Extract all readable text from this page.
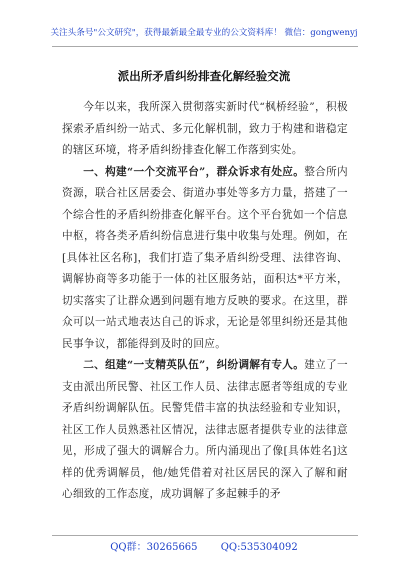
关注头条号"公文研究"，获得最新最全最专业的公文资料库！ 微信：gongwenyj
派出所矛盾纠纷排查化解经验交流

今年以来，我所深入贯彻落实新时代“枫桥经验”，积极探索矛盾纠纷一站式、多元化解机制，致力于构建和谐稳定的辖区环境，将矛盾纠纷排查化解工作落到实处。

一、构建“一个交流平台”，群众诉求有处应。整合所内资源，联合社区居委会、街道办事处等多方力量，搭建了一个综合性的矛盾纠纷排查化解平台。这个平台犹如一个信息中枢，将各类矛盾纠纷信息进行集中收集与处理。例如，在[具体社区名称]，我们打造了集矛盾纠纷受理、法律咨询、调解协商等多功能于一体的社区服务站，面积达*平方米，切实落实了让群众遇到问题有地方反映的要求。在这里，群众可以一站式地表达自己的诉求，无论是邻里纠纷还是其他民事争议，都能得到及时的回应。

二、组建“一支精英队伍”，纠纷调解有专人。建立了一支由派出所民警、社区工作人员、法律志愿者等组成的专业矛盾纠纷调解队伍。民警凭借丰富的执法经验和专业知识，社区工作人员熟悉社区情况，法律志愿者提供专业的法律意见，形成了强大的调解合力。所内涌现出了像[具体姓名]这样的优秀调解员，他/她凭借着对社区居民的深入了解和耐心细致的工作态度，成功调解了多起棘手的矛

QQ群：30265665 QQ:535304092
